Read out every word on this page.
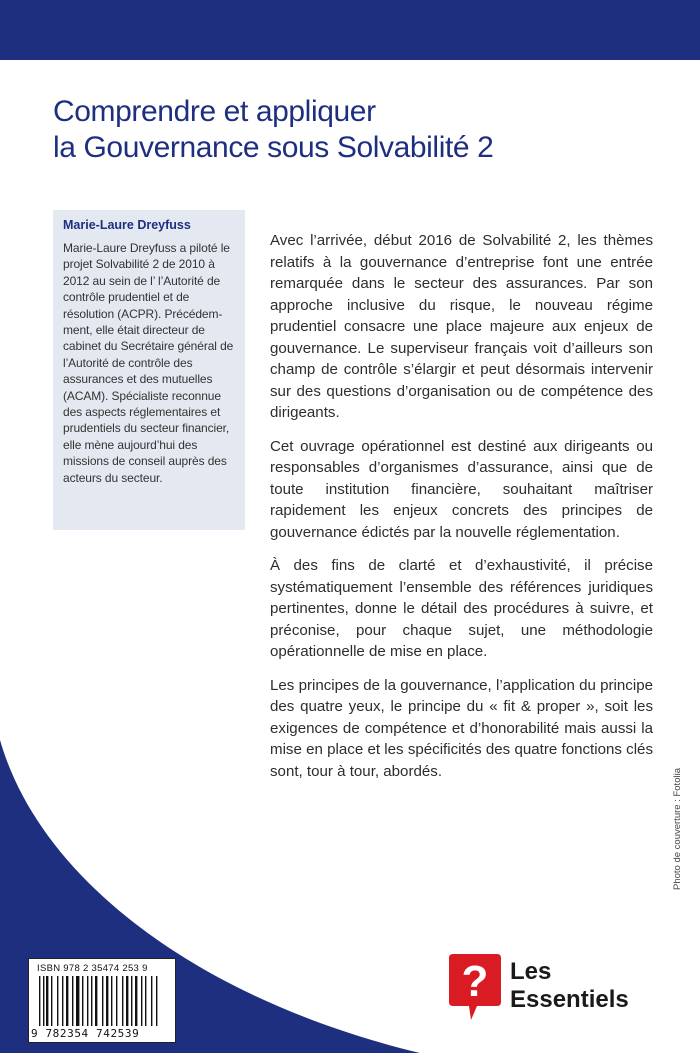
Comprendre et appliquer
la Gouvernance sous Solvabilité 2
Marie-Laure Dreyfuss

Marie-Laure Dreyfuss a piloté le projet Solvabilité 2 de 2010 à 2012 au sein de l’ l’Autorité de contrôle prudentiel et de résolution (ACPR). Précédem-ment, elle était directeur de cabinet du Secrétaire général de l’Autorité de contrôle des assurances et des mutuelles (ACAM). Spécialiste reconnue des aspects réglementaires et prudentiels du secteur financier, elle mène aujourd’hui des missions de conseil auprès des acteurs du secteur.

Avec l’arrivée, début 2016 de Solvabilité 2, les thèmes relatifs à la gouvernance d’entreprise font une entrée remarquée dans le secteur des assurances. Par son approche inclusive du risque, le nouveau régime prudentiel consacre une place majeure aux enjeux de gouvernance. Le superviseur français voit d’ailleurs son champ de contrôle s’élargir et peut désormais intervenir sur des questions d’organisation ou de compétence des dirigeants.

Cet ouvrage opérationnel est destiné aux dirigeants ou responsables d’organismes d’assurance, ainsi que de toute institution financière, souhaitant maîtriser rapidement les enjeux concrets des principes de gouvernance édictés par la nouvelle réglementation.

À des fins de clarté et d’exhaustivité, il précise systématiquement l’ensemble des références juridiques pertinentes, donne le détail des procédures à suivre, et préconise, pour chaque sujet, une méthodologie opérationnelle de mise en place.

Les principes de la gouvernance, l’application du principe des quatre yeux, le principe du « fit & proper », soit les exigences de compétence et d’honorabilité mais aussi la mise en place et les spécificités des quatre fonctions clés sont, tour à tour, abordés.	Photo de couverture : Fotolia
ISBN 978 2 35474 253 9
9 782354 742539
? Les
Essentiels
